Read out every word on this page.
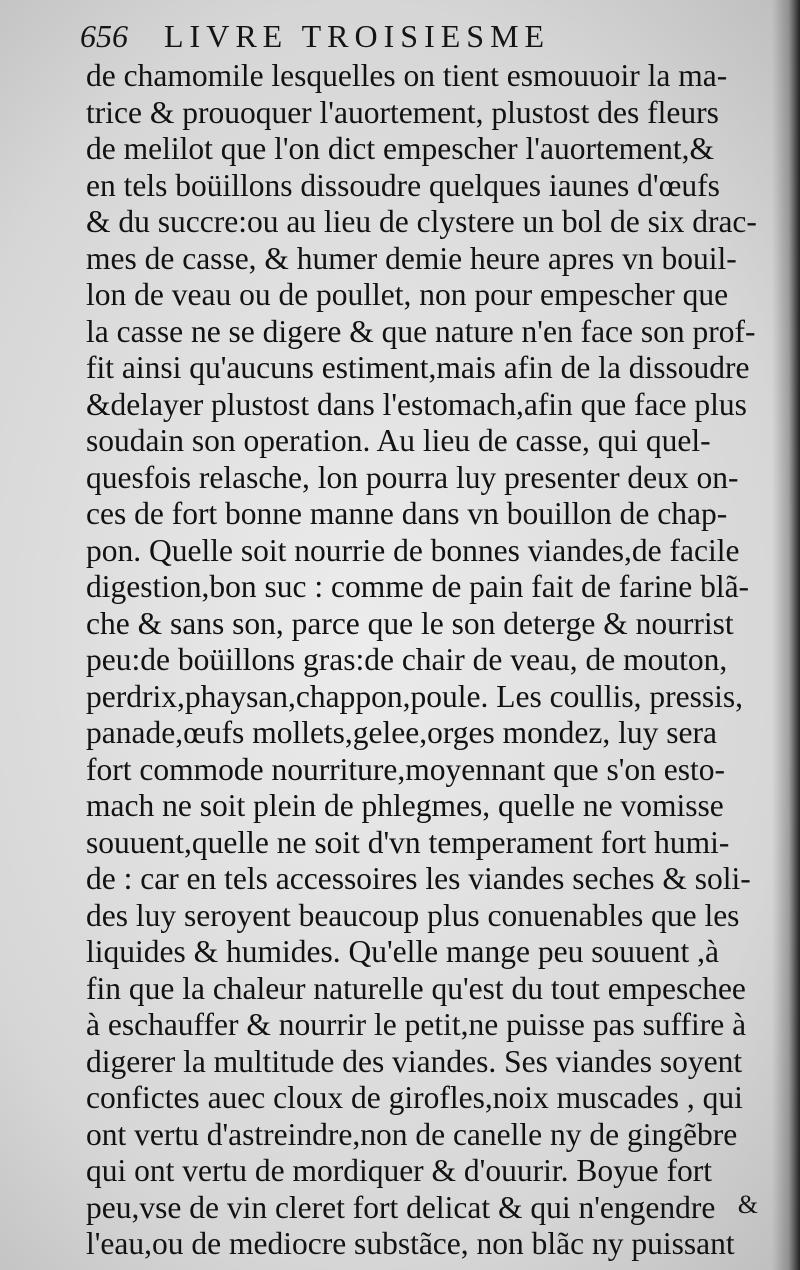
656 LIVRE TROISIESME
de chamomile lesquelles on tient esmouuoir la ma-
trice & prouoquer l'auortement, plustost des fleurs
de melilot que l'on dict empescher l'auortement,&
en tels boüillons dissoudre quelques iaunes d'œufs
& du succre:ou au lieu de clystere un bol de six drac-
mes de casse, & humer demie heure apres vn bouil-
lon de veau ou de poullet, non pour empescher que
la casse ne se digere & que nature n'en face son prof-
fit ainsi qu'aucuns estiment,mais afin de la dissoudre
&delayer plustost dans l'estomach,afin que face plus
soudain son operation. Au lieu de casse, qui quel-
quesfois relasche, lon pourra luy presenter deux on-
ces de fort bonne manne dans vn bouillon de chap-
pon. Quelle soit nourrie de bonnes viandes,de facile
digestion,bon suc : comme de pain fait de farine blã-
che & sans son, parce que le son deterge & nourrist
peu:de boüillons gras:de chair de veau, de mouton,
perdrix,phaysan,chappon,poule. Les coullis, pressis,
panade,œufs mollets,gelee,orges mondez, luy sera
fort commode nourriture,moyennant que s'on esto-
mach ne soit plein de phlegmes, quelle ne vomisse
souuent,quelle ne soit d'vn temperament fort humi-
de : car en tels accessoires les viandes seches & soli-
des luy seroyent beaucoup plus conuenables que les
liquides & humides. Qu'elle mange peu souuent ,à
fin que la chaleur naturelle qu'est du tout empeschee
à eschauffer & nourrir le petit,ne puisse pas suffire à
digerer la multitude des viandes. Ses viandes soyent
confictes auec cloux de girofles,noix muscades , qui
ont vertu d'astreindre,non de canelle ny de gingẽbre
qui ont vertu de mordiquer & d'ouurir. Boyue fort
peu,vse de vin cleret fort delicat & qui n'engendre
l'eau,ou de mediocre substãce, non blãc ny puissant
&
